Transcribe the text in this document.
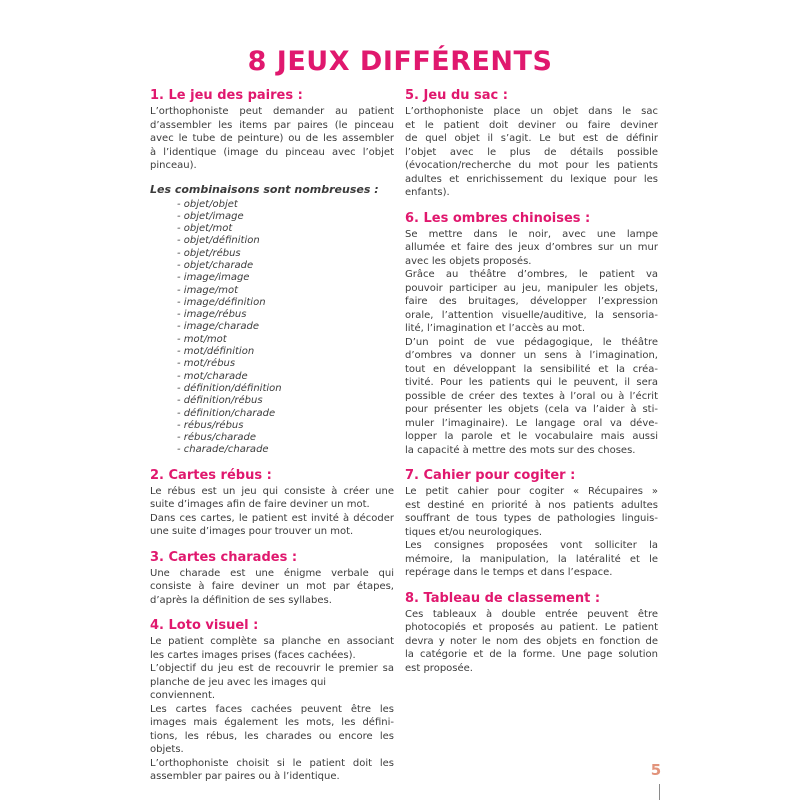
8 JEUX DIFFÉRENTS
1. Le jeu des paires :
L’orthophoniste peut demander au patient
d’assembler les items par paires (le pinceau
avec le tube de peinture) ou de les assembler
à l’identique (image du pinceau avec l’objet
pinceau).
Les combinaisons sont nombreuses :
- objet/objet
- objet/image
- objet/mot
- objet/définition
- objet/rébus
- objet/charade
- image/image
- image/mot
- image/définition
- image/rébus
- image/charade
- mot/mot
- mot/définition
- mot/rébus
- mot/charade
- définition/définition
- définition/rébus
- définition/charade
- rébus/rébus
- rébus/charade
- charade/charade
2. Cartes rébus :
Le rébus est un jeu qui consiste à créer une
suite d’images afin de faire deviner un mot.
Dans ces cartes, le patient est invité à décoder
une suite d’images pour trouver un mot.
3. Cartes charades :
Une charade est une énigme verbale qui
consiste à faire deviner un mot par étapes,
d’après la définition de ses syllabes.
4. Loto visuel :
Le patient complète sa planche en associant
les cartes images prises (faces cachées).
L’objectif du jeu est de recouvrir le premier sa
planche de jeu avec les images qui conviennent.
Les cartes faces cachées peuvent être les
images mais également les mots, les défini-
tions, les rébus, les charades ou encore les
objets.
L’orthophoniste choisit si le patient doit les
assembler par paires ou à l’identique.
5. Jeu du sac :
L’orthophoniste place un objet dans le sac
et le patient doit deviner ou faire deviner
de quel objet il s’agit. Le but est de définir
l’objet avec le plus de détails possible
(évocation/recherche du mot pour les patients
adultes et enrichissement du lexique pour les
enfants).
6. Les ombres chinoises :
Se mettre dans le noir, avec une lampe
allumée et faire des jeux d’ombres sur un mur
avec les objets proposés.
Grâce au théâtre d’ombres, le patient va
pouvoir participer au jeu, manipuler les objets,
faire des bruitages, développer l’expression
orale, l’attention visuelle/auditive, la sensoria-
lité, l’imagination et l’accès au mot.
D’un point de vue pédagogique, le théâtre
d’ombres va donner un sens à l’imagination,
tout en développant la sensibilité et la créa-
tivité. Pour les patients qui le peuvent, il sera
possible de créer des textes à l’oral ou à l’écrit
pour présenter les objets (cela va l’aider à sti-
muler l’imaginaire). Le langage oral va déve-
lopper la parole et le vocabulaire mais aussi
la capacité à mettre des mots sur des choses.
7. Cahier pour cogiter :
Le petit cahier pour cogiter « Récupaires »
est destiné en priorité à nos patients adultes
souffrant de tous types de pathologies linguis-
tiques et/ou neurologiques.
Les consignes proposées vont solliciter la
mémoire, la manipulation, la latéralité et le
repérage dans le temps et dans l’espace.
8. Tableau de classement :
Ces tableaux à double entrée peuvent être
photocopiés et proposés au patient. Le patient
devra y noter le nom des objets en fonction de
la catégorie et de la forme. Une page solution
est proposée.
5
